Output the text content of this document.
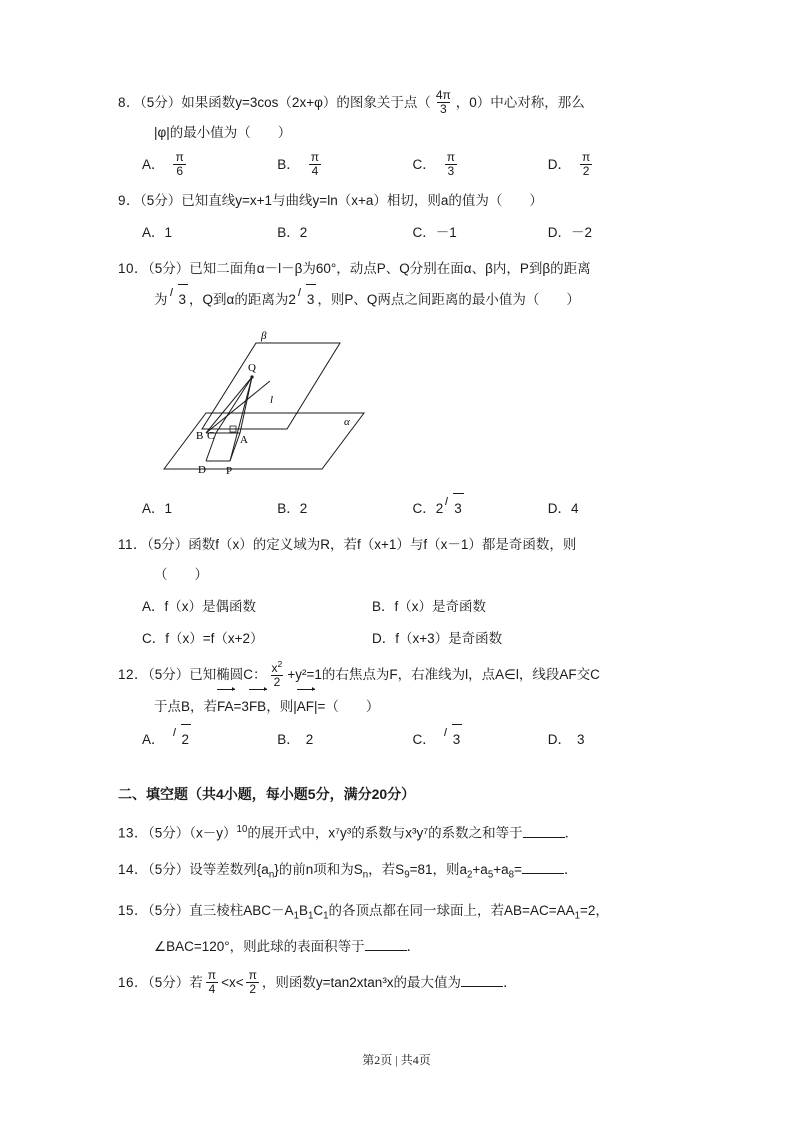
8．（5分）如果函数y=3cos（2x+φ）的图象关于点（ $\frac{4\pi}{3}$ ，0）中心对称，那么
|φ|的最小值为（　　）
A． $\frac{\pi}{6}$	B． $\frac{\pi}{4}$	C． $\frac{\pi}{3}$	D． $\frac{\pi}{2}$
9．（5分）已知直线y=x+1与曲线y=ln（x+a）相切，则a的值为（　　）
A．1	B．2	C．－1	D．－2
10．（5分）已知二面角α－l－β为60°，动点P、Q分别在面α、β内，P到β的距离
为 3 ，Q到α的距离为2 3 ，则P、Q两点之间距离的最小值为（　　）
β
α
l
Q
A
B C
D P
A．1	B．2	C．2 3	D．4
11．（5分）函数f（x）的定义域为R，若f（x+1）与f（x－1）都是奇函数，则
（　　）
A．f（x）是偶函数	B．f（x）是奇函数
C．f（x）=f（x+2）	D．f（x+3）是奇函数
12．（5分）已知椭圆C： $\frac{x^2}{2} +y^2=1$的右焦点为F，右准线为l，点A∈l，线段AF交C
于点B，若FA=3FB，则|AF|=（　　）
A．	2	B． 2	C．	3	D． 3
二、填空题（共4小题，每小题5分，满分20分）
13．（5分）$(x-y)^{10}$的展开式中，x⁷y³的系数与x³y⁷的系数之和等于	．
14．（5分）设等差数列$\{a_n\}$的前n项和为$S_n$，若$S_9=81$，则$a_2+a_5+a_8=$	．
15．（5分）直三棱柱$ABC-A_1B_1C_1$的各顶点都在同一球面上，若$AB=AC=AA_1=2$，
∠BAC=120°，则此球的表面积等于	．
16．（5分）若 $\frac{\pi}{4} <x< \frac{\pi}{2}$ ，则函数y=tan2xtan³x的最大值为	．
第2页 | 共4页
